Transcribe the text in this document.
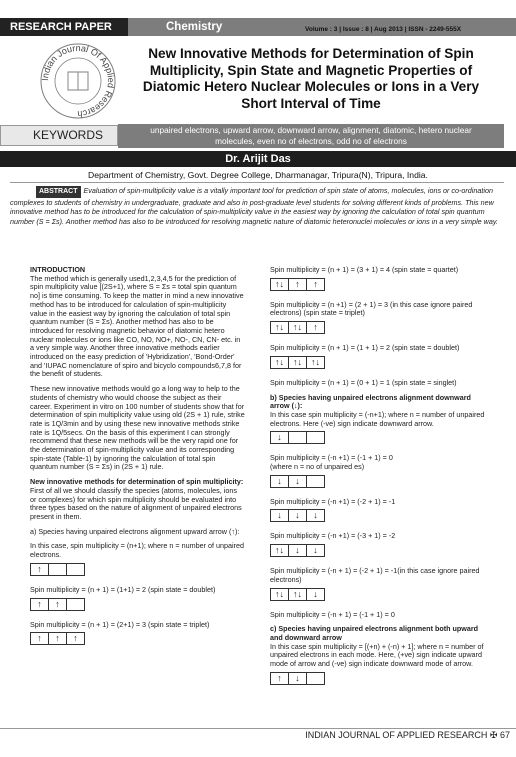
RESEARCH PAPER	Chemistry	Volume : 3 | Issue : 8 | Aug 2013 | ISSN - 2249-555X
Indian Journal Of Applied Research
New Innovative Methods for Determination of Spin
Multiplicity, Spin State and Magnetic Properties of
Diatomic Hetero Nuclear Molecules or Ions in a Very
Short Interval of Time
KEYWORDS	unpaired electrons, upward arrow, downward arrow, alignment, diatomic, hetero nuclear
molecules, even no of electrons, odd no of electrons
Dr. Arijit Das
Department of Chemistry, Govt. Degree College, Dharmanagar, Tripura(N), Tripura, India.
ABSTRACT Evaluation of spin-multiplicity value is a vitally important tool for prediction of spin state of atoms, molecules, ions or co-ordination complexes to students of chemistry in undergraduate, graduate and also in post-graduate level students for solving different kinds of problems. This new innovative method has to be introduced for the calculation of spin-multiplicity value in the easiest way by ignoring the calculation of total spin quantum number (S = Σs). Another method has also to be introduced for resolving magnetic nature of diatomic heteronuclei molecules or ions in a very simple way.
INTRODUCTION
The method which is generally used1,2,3,4,5 for the prediction of spin multiplicity value [(2S+1), where S = Σs = total spin quantum no] is time consuming. To keep the matter in mind a new innovative method has to be introduced for calculation of spin-multiplicity value in the easiest way by ignoring the calculation of total spin quantum number (S = Σs). Another method has also to be introduced for resolving magnetic behavior of diatomic hetero nuclear molecules or ions like CO, NO, NO+, NO-, CN, CN- etc. in a very simple way. Another three innovative methods earlier introduced on the easy prediction of 'Hybridization', 'Bond-Order' and 'IUPAC nomenclature of spiro and bicyclo compounds6,7,8 for the benefit of students.
These new innovative methods would go a long way to help to the students of chemistry who would choose the subject as their career. Experiment in vitro on 100 number of students show that for determination of spin multiplicity value using old (2S + 1) rule, strike rate is 1Q/3min and by using these new innovative methods strike rate is 1Q/5secs. On the basis of this experiment I can strongly recommend that these new methods will be the very rapid one for the determination of spin-multiplicity value and its corresponding spin-state (Table-1) by ignoring the calculation of total spin quantum number (S = Σs) in (2S + 1) rule.
New innovative methods for determination of spin multiplicity:
First of all we should classify the species (atoms, molecules, ions or complexes) for which spin multiplicity should be evaluated into three types based on the nature of alignment of unpaired electrons present in them.
a) Species having unpaired electrons alignment upward arrow (↑):
In this case, spin multiplicity = (n+1); where n = number of unpaired electrons.
↑
Spin multiplicity = (n + 1) = (1+1) = 2 (spin state = doublet)
↑	↑
Spin multiplicity = (n + 1) = (2+1) = 3 (spin state = triplet)
↑	↑	↑
Spin multiplicity = (n + 1) = (3 + 1) = 4 (spin state = quartet)
↑↓	↑	↑
Spin multiplicity = (n +1) = (2 + 1) = 3 (in this case ignore paired electrons) (spin state = triplet)
↑↓	↑↓	↑
Spin multiplicity = (n + 1) = (1 + 1) = 2 (spin state = doublet)
↑↓	↑↓	↑↓
Spin multiplicity = (n + 1) = (0 + 1) = 1 (spin state = singlet)
b) Species having unpaired electrons alignment downward arrow (↓):
In this case spin multiplicity = (-n+1); where n = number of unpaired electrons. Here (-ve) sign indicate downward arrow.
↓
Spin multiplicity = (-n +1) = (-1 + 1) = 0
(where n = no of unpaired es)
↓	↓
Spin multiplicity = (-n +1) = (-2 + 1) = -1
↓	↓	↓
Spin multiplicity = (-n +1) = (-3 + 1) = -2
↑↓	↓	↓
Spin multiplicity = (-n + 1) = (-2 + 1) = -1(in this case ignore paired electrons)
↑↓	↑↓	↓
Spin multiplicity = (-n + 1) = (-1 + 1) = 0
c) Species having unpaired electrons alignment both upward and downward arrow
In this case spin multiplicity = [(+n) + (-n) + 1]; where n = number of unpaired electrons in each mode. Here, (+ve) sign indicate upward mode of arrow and (-ve) sign indicate downward mode of arrow.
↑	↓
INDIAN JOURNAL OF APPLIED RESEARCH ✠ 67
